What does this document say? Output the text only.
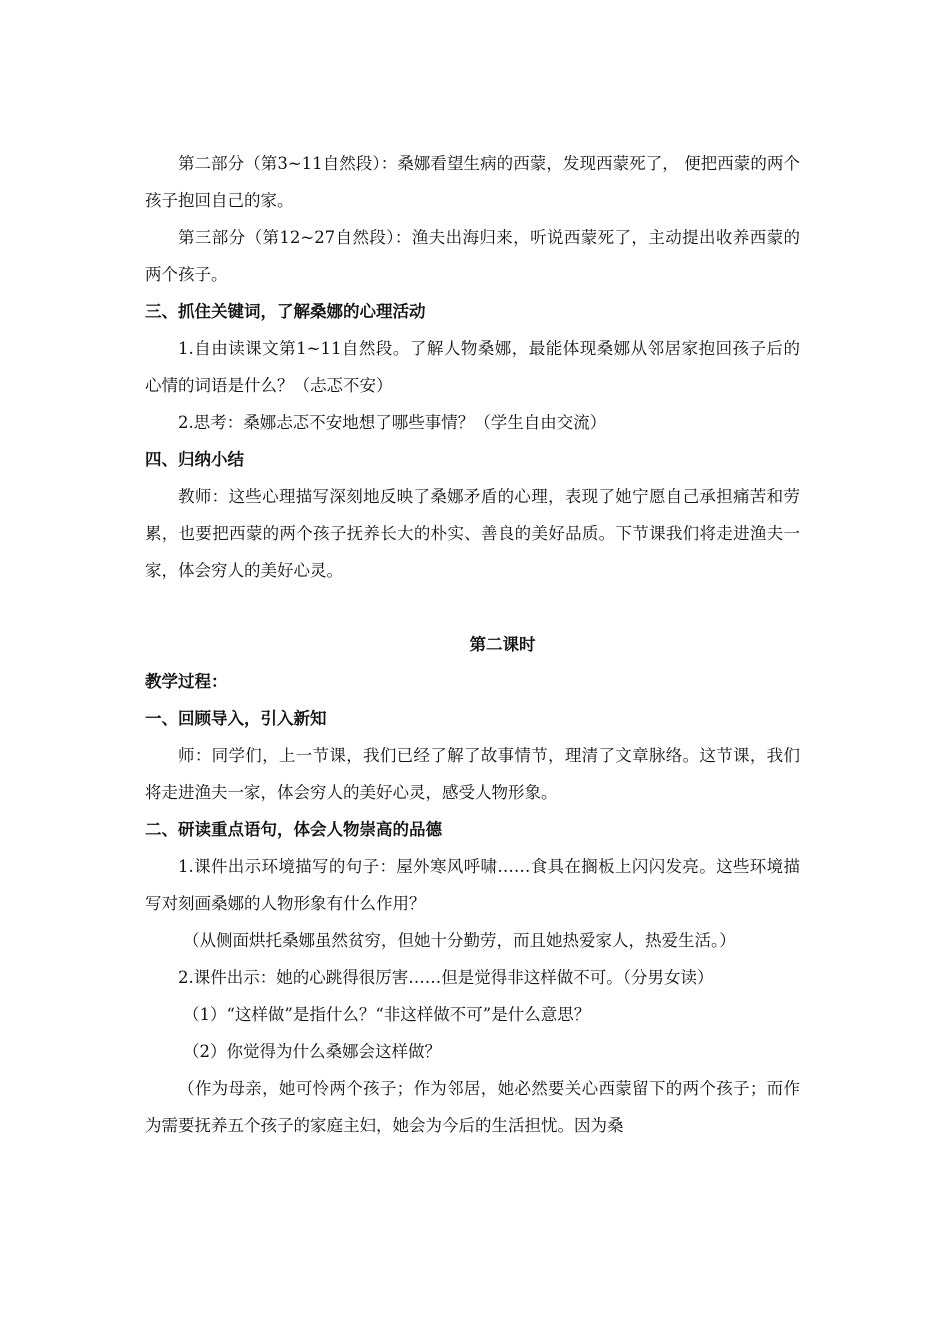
第二部分（第3~11自然段）：桑娜看望生病的西蒙，发现西蒙死了， 便把西蒙的两个孩子抱回自己的家。

第三部分（第12~27自然段）：渔夫出海归来，听说西蒙死了，主动提出收养西蒙的两个孩子。

三、抓住关键词，了解桑娜的心理活动

1.自由读课文第1~11自然段。了解人物桑娜，最能体现桑娜从邻居家抱回孩子后的心情的词语是什么？（忐忑不安）

2.思考：桑娜忐忑不安地想了哪些事情？（学生自由交流）

四、归纳小结

教师：这些心理描写深刻地反映了桑娜矛盾的心理，表现了她宁愿自己承担痛苦和劳累，也要把西蒙的两个孩子抚养长大的朴实、善良的美好品质。下节课我们将走进渔夫一家，体会穷人的美好心灵。

第二课时

教学过程：

一、回顾导入，引入新知

师：同学们，上一节课，我们已经了解了故事情节，理清了文章脉络。这节课，我们将走进渔夫一家，体会穷人的美好心灵，感受人物形象。

二、研读重点语句，体会人物崇高的品德

1.课件出示环境描写的句子：屋外寒风呼啸……食具在搁板上闪闪发亮。这些环境描写对刻画桑娜的人物形象有什么作用？

（从侧面烘托桑娜虽然贫穷，但她十分勤劳，而且她热爱家人，热爱生活。）

2.课件出示：她的心跳得很厉害……但是觉得非这样做不可。（分男女读）

（1）“这样做”是指什么？“非这样做不可”是什么意思？

（2）你觉得为什么桑娜会这样做？

（作为母亲，她可怜两个孩子；作为邻居，她必然要关心西蒙留下的两个孩子；而作为需要抚养五个孩子的家庭主妇，她会为今后的生活担忧。因为桑
